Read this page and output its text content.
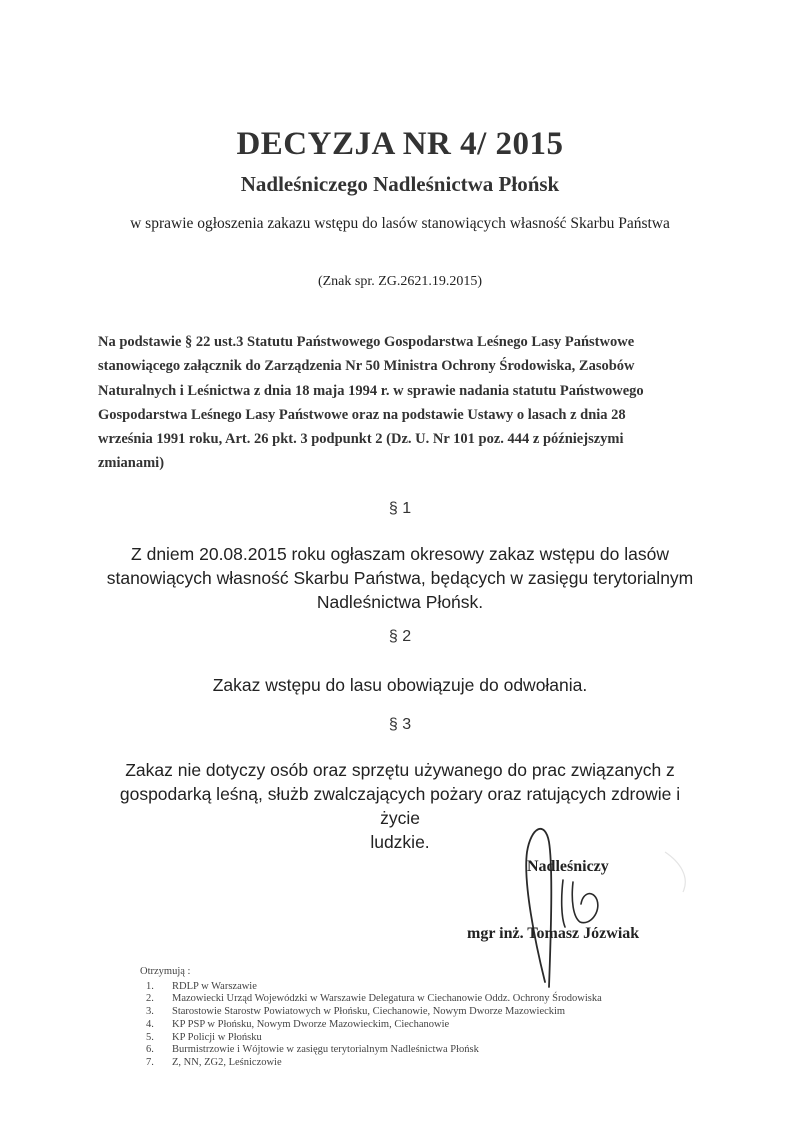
DECYZJA NR 4/ 2015
Nadleśniczego Nadleśnictwa Płońsk
w sprawie ogłoszenia zakazu wstępu do lasów stanowiących własność Skarbu Państwa
(Znak spr. ZG.2621.19.2015)
Na podstawie § 22 ust.3 Statutu Państwowego Gospodarstwa Leśnego Lasy Państwowe
stanowiącego załącznik do Zarządzenia Nr 50 Ministra Ochrony Środowiska, Zasobów
Naturalnych i Leśnictwa z dnia 18 maja 1994 r. w sprawie nadania statutu Państwowego
Gospodarstwa Leśnego Lasy Państwowe oraz na podstawie Ustawy o lasach z dnia 28
września 1991 roku, Art. 26 pkt. 3 podpunkt 2 (Dz. U. Nr 101 poz. 444 z późniejszymi
zmianami)
§ 1
Z dniem 20.08.2015 roku ogłaszam okresowy zakaz wstępu do lasów
stanowiących własność Skarbu Państwa, będących w zasięgu terytorialnym
Nadleśnictwa Płońsk.
§ 2
Zakaz wstępu do lasu obowiązuje do odwołania.
§ 3
Zakaz nie dotyczy osób oraz sprzętu używanego do prac związanych z
gospodarką leśną, służb zwalczających pożary oraz ratujących zdrowie i życie
ludzkie.
Nadleśniczy
mgr inż. Tomasz Józwiak
Otrzymują :
1. RDLP w Warszawie
2. Mazowiecki Urząd Wojewódzki w Warszawie Delegatura w Ciechanowie Oddz. Ochrony Środowiska
3. Starostowie Starostw Powiatowych w Płońsku, Ciechanowie, Nowym Dworze Mazowieckim
4. KP PSP w Płońsku, Nowym Dworze Mazowieckim, Ciechanowie
5. KP Policji w Płońsku
6. Burmistrzowie i Wójtowie w zasięgu terytorialnym Nadleśnictwa Płońsk
7. Z, NN, ZG2, Leśniczowie
